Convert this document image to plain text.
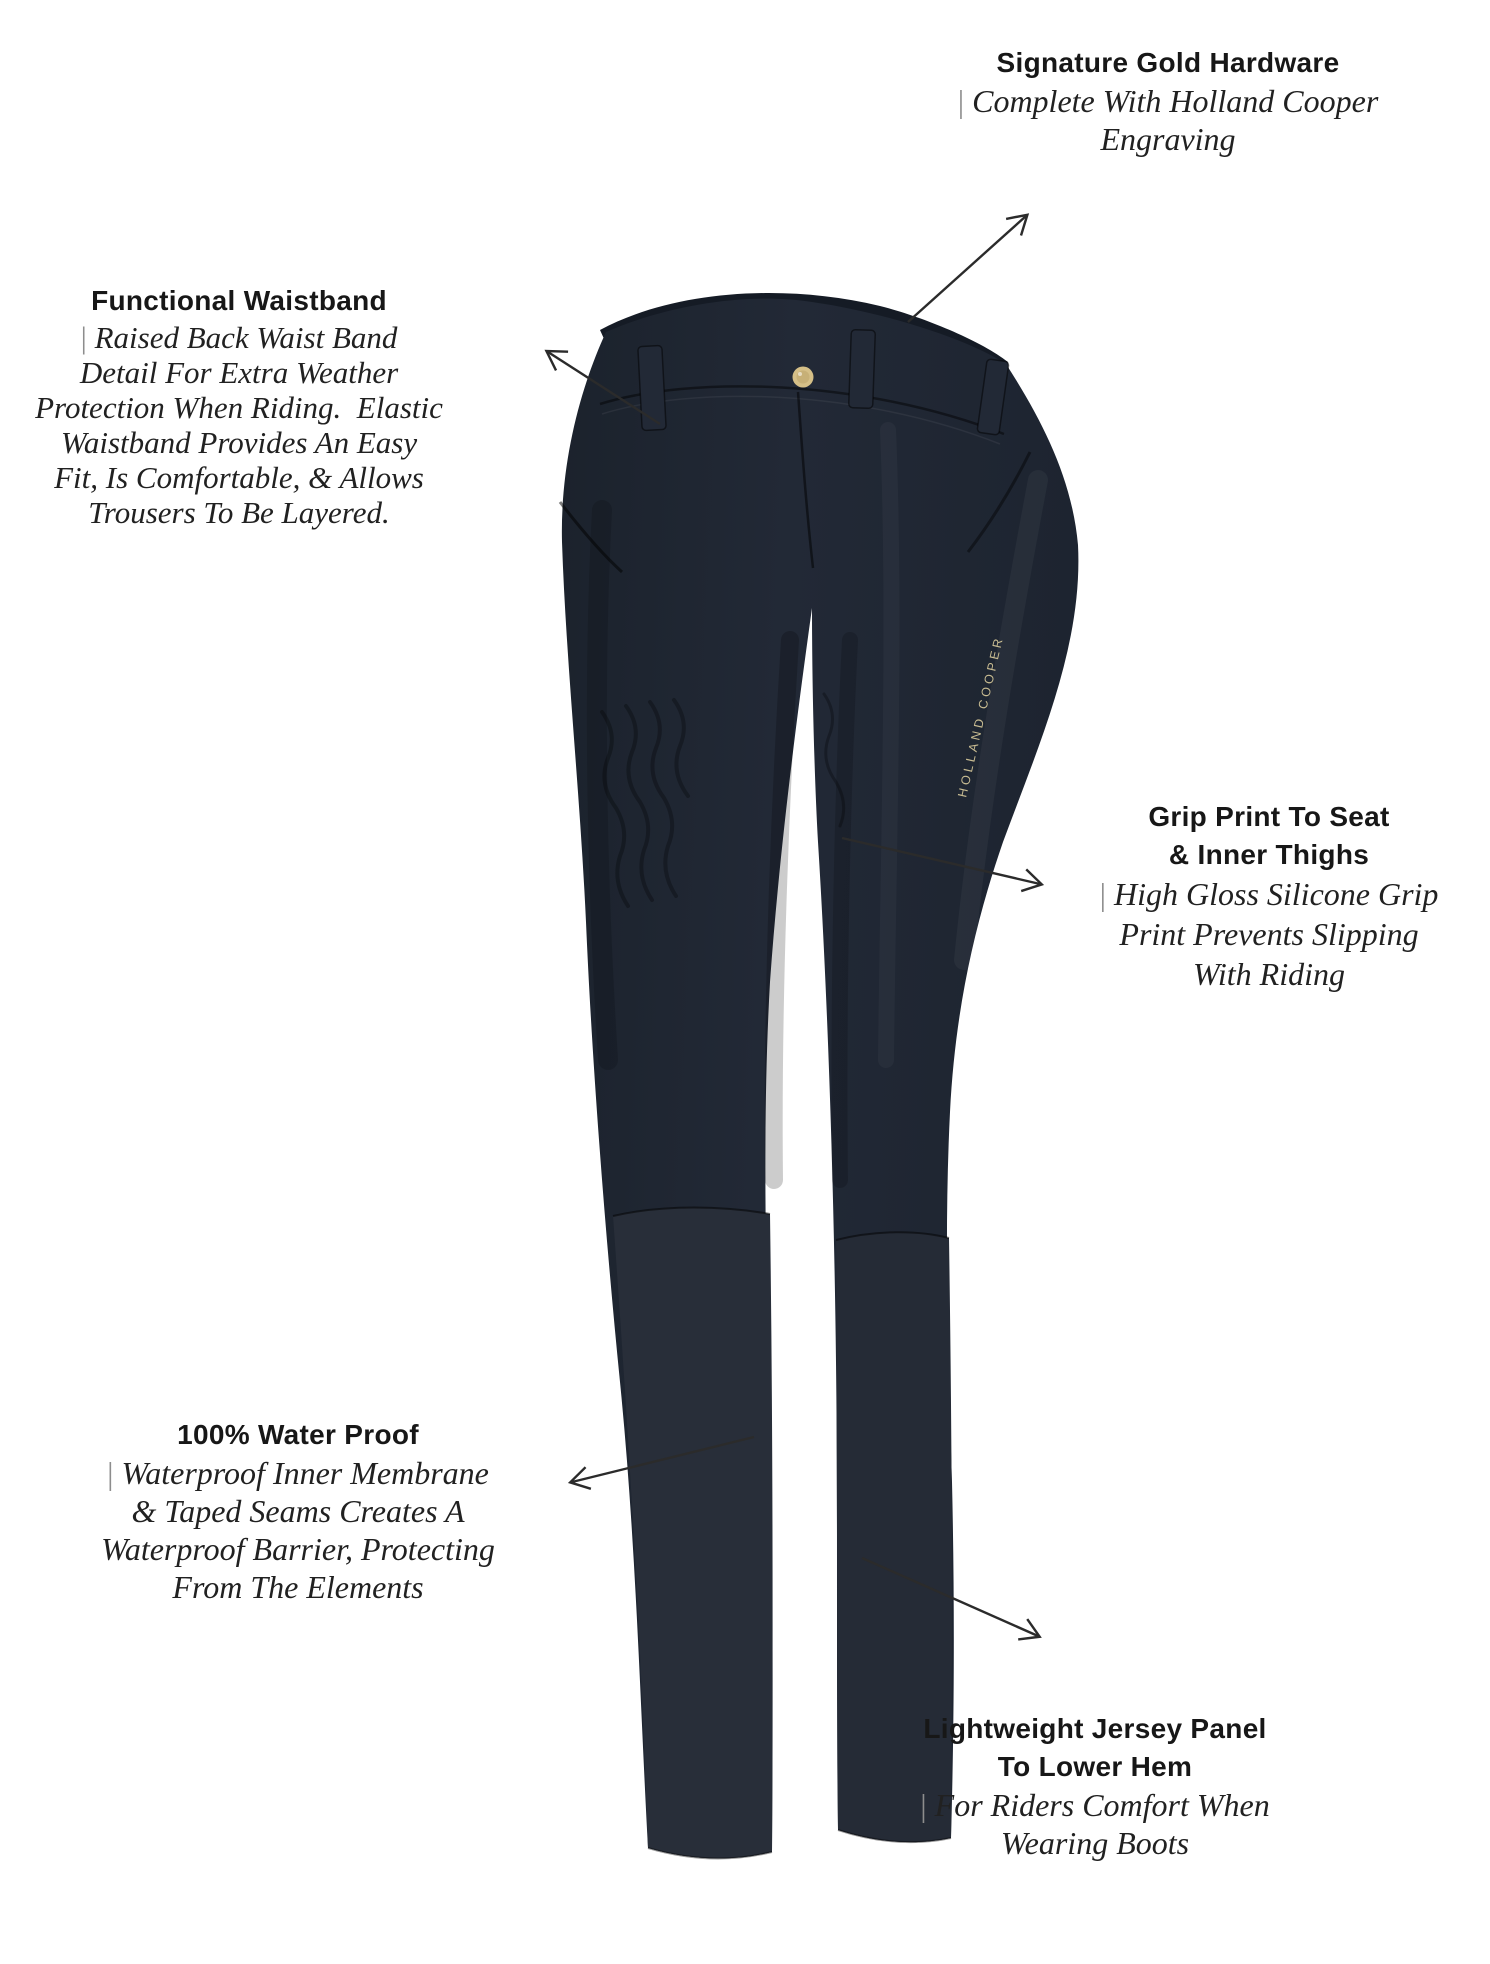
HOLLAND COOPER
Signature Gold Hardware
| Complete With Holland Cooper
Engraving
Functional Waistband
| Raised Back Waist Band
Detail For Extra Weather
Protection When Riding.  Elastic
Waistband Provides An Easy
Fit, Is Comfortable, & Allows
Trousers To Be Layered.
Grip Print To Seat
& Inner Thighs
| High Gloss Silicone Grip
Print Prevents Slipping
With Riding
100% Water Proof
| Waterproof Inner Membrane
& Taped Seams Creates A
Waterproof Barrier, Protecting
From The Elements
Lightweight Jersey Panel
To Lower Hem
| For Riders Comfort When
Wearing Boots
